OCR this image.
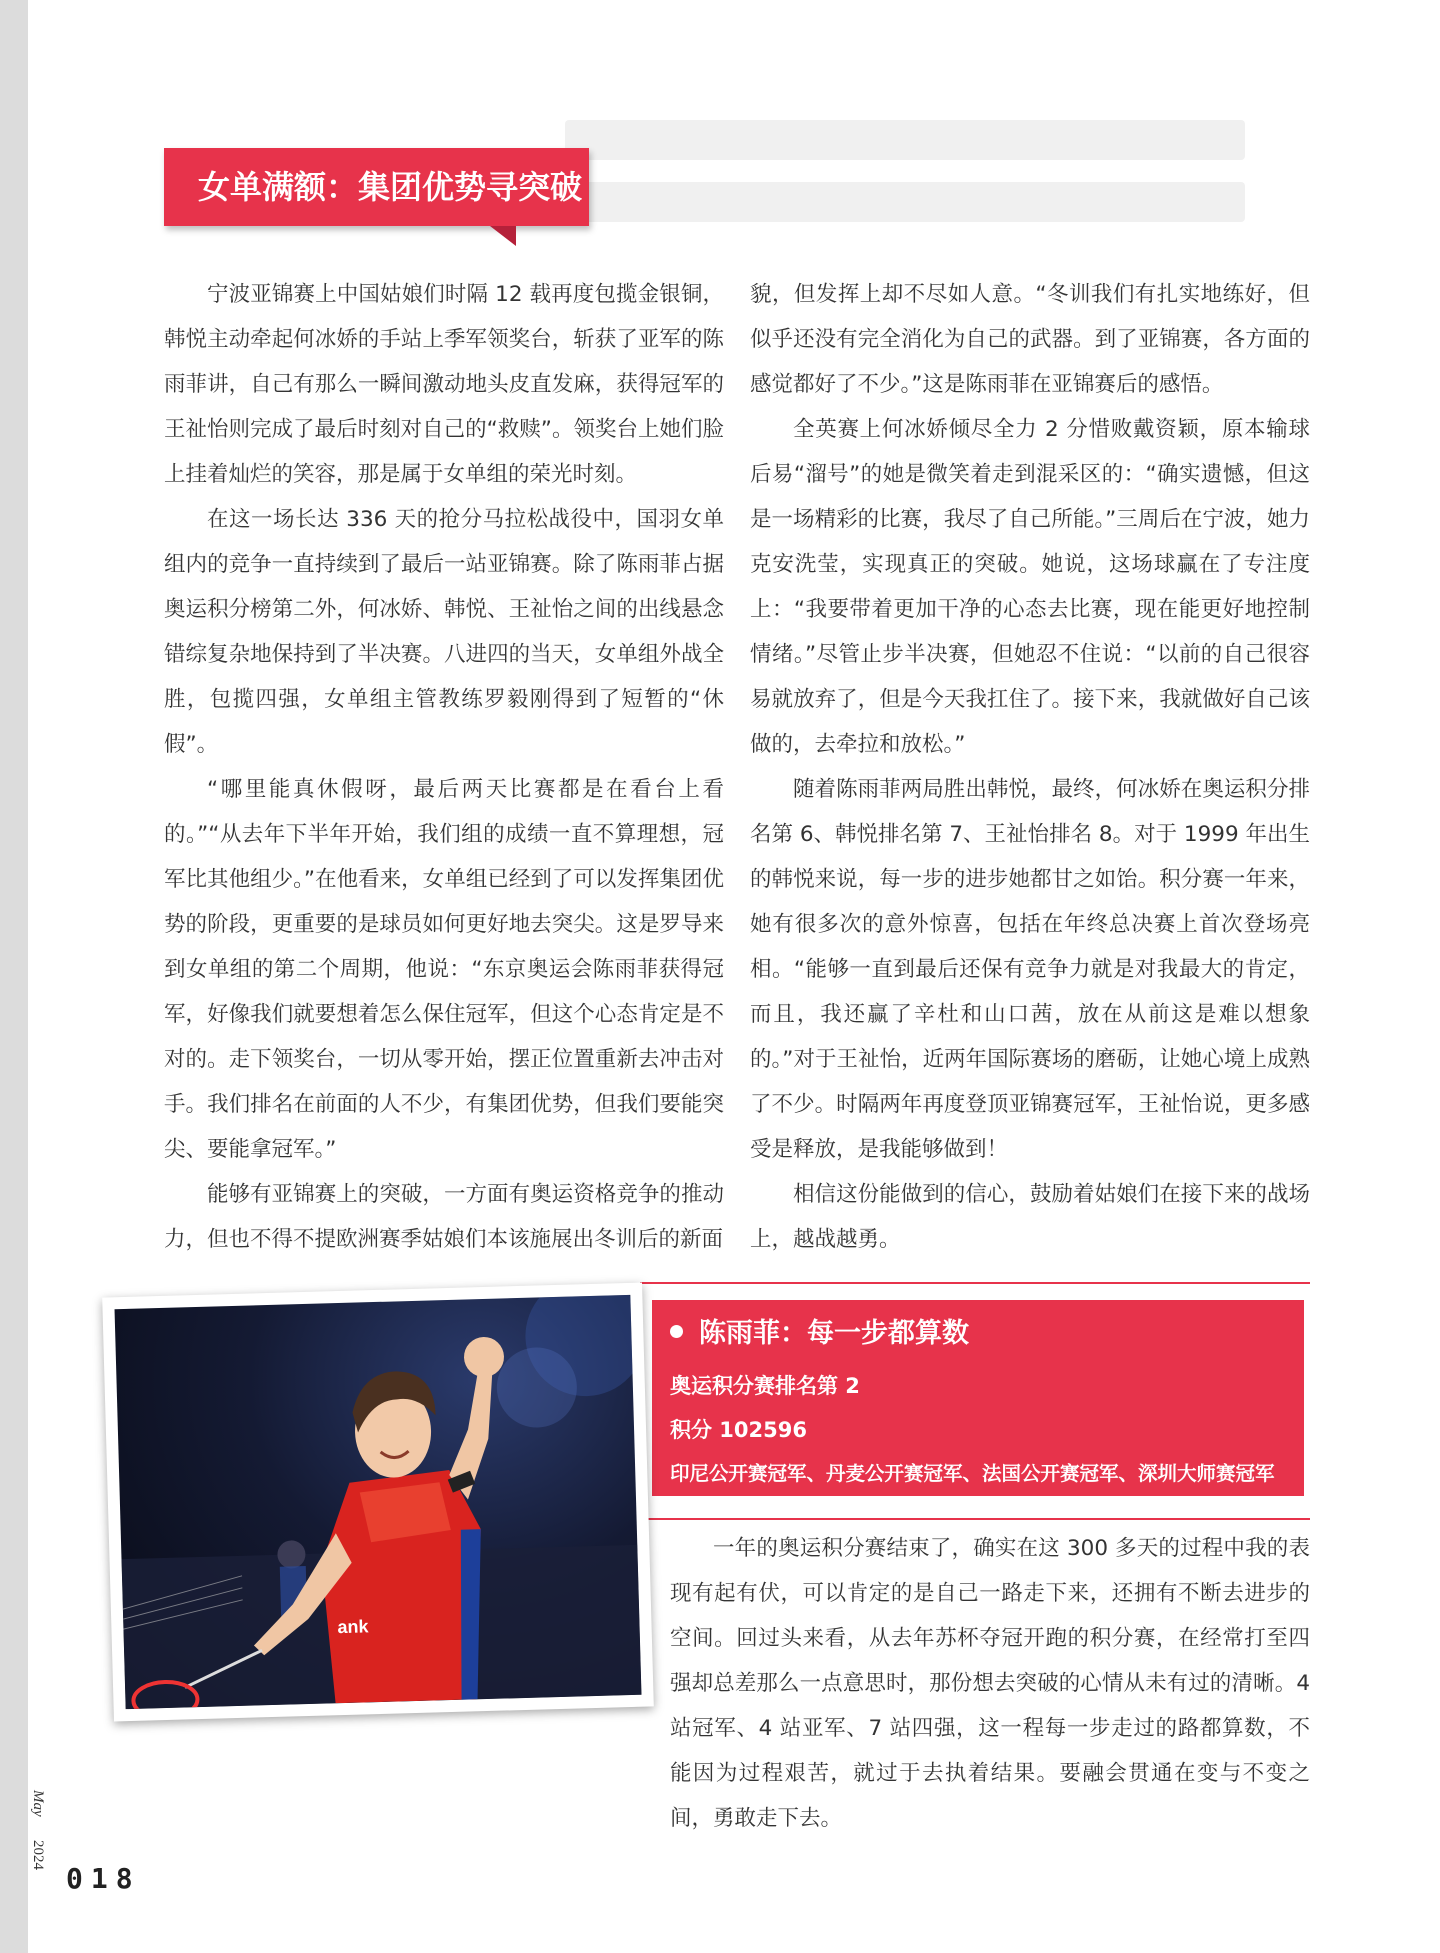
女单满额：集团优势寻突破

宁波亚锦赛上中国姑娘们时隔 12 载再度包揽金银铜，韩悦主动牵起何冰娇的手站上季军领奖台，斩获了亚军的陈雨菲讲，自己有那么一瞬间激动地头皮直发麻，获得冠军的王祉怡则完成了最后时刻对自己的“救赎”。领奖台上她们脸上挂着灿烂的笑容，那是属于女单组的荣光时刻。

在这一场长达 336 天的抢分马拉松战役中，国羽女单组内的竞争一直持续到了最后一站亚锦赛。除了陈雨菲占据奥运积分榜第二外，何冰娇、韩悦、王祉怡之间的出线悬念错综复杂地保持到了半决赛。八进四的当天，女单组外战全胜，包揽四强，女单组主管教练罗毅刚得到了短暂的“休假”。

“哪里能真休假呀，最后两天比赛都是在看台上看的。”“从去年下半年开始，我们组的成绩一直不算理想，冠军比其他组少。”在他看来，女单组已经到了可以发挥集团优势的阶段，更重要的是球员如何更好地去突尖。这是罗导来到女单组的第二个周期，他说：“东京奥运会陈雨菲获得冠军，好像我们就要想着怎么保住冠军，但这个心态肯定是不对的。走下领奖台，一切从零开始，摆正位置重新去冲击对手。我们排名在前面的人不少，有集团优势，但我们要能突尖、要能拿冠军。”

能够有亚锦赛上的突破，一方面有奥运资格竞争的推动力，但也不得不提欧洲赛季姑娘们本该施展出冬训后的新面

貌，但发挥上却不尽如人意。“冬训我们有扎实地练好，但似乎还没有完全消化为自己的武器。到了亚锦赛，各方面的感觉都好了不少。”这是陈雨菲在亚锦赛后的感悟。

全英赛上何冰娇倾尽全力 2 分惜败戴资颖，原本输球后易“溜号”的她是微笑着走到混采区的：“确实遗憾，但这是一场精彩的比赛，我尽了自己所能。”三周后在宁波，她力克安洗莹，实现真正的突破。她说，这场球赢在了专注度上：“我要带着更加干净的心态去比赛，现在能更好地控制情绪。”尽管止步半决赛，但她忍不住说：“以前的自己很容易就放弃了，但是今天我扛住了。接下来，我就做好自己该做的，去牵拉和放松。”

随着陈雨菲两局胜出韩悦，最终，何冰娇在奥运积分排名第 6、韩悦排名第 7、王祉怡排名 8。对于 1999 年出生的韩悦来说，每一步的进步她都甘之如饴。积分赛一年来，她有很多次的意外惊喜，包括在年终总决赛上首次登场亮相。“能够一直到最后还保有竞争力就是对我最大的肯定，而且，我还赢了辛杜和山口茜，放在从前这是难以想象的。”对于王祉怡，近两年国际赛场的磨砺，让她心境上成熟了不少。时隔两年再度登顶亚锦赛冠军，王祉怡说，更多感受是释放，是我能够做到！

相信这份能做到的信心，鼓励着姑娘们在接下来的战场上，越战越勇。

陈雨菲：每一步都算数
奥运积分赛排名第 2
积分 102596
印尼公开赛冠军、丹麦公开赛冠军、法国公开赛冠军、深圳大师赛冠军
ank

一年的奥运积分赛结束了，确实在这 300 多天的过程中我的表现有起有伏，可以肯定的是自己一路走下来，还拥有不断去进步的空间。回过头来看，从去年苏杯夺冠开跑的积分赛，在经常打至四强却总差那么一点意思时，那份想去突破的心情从未有过的清晰。4 站冠军、4 站亚军、7 站四强，这一程每一步走过的路都算数，不能因为过程艰苦，就过于去执着结果。要融会贯通在变与不变之间，勇敢走下去。

May
2024
018
